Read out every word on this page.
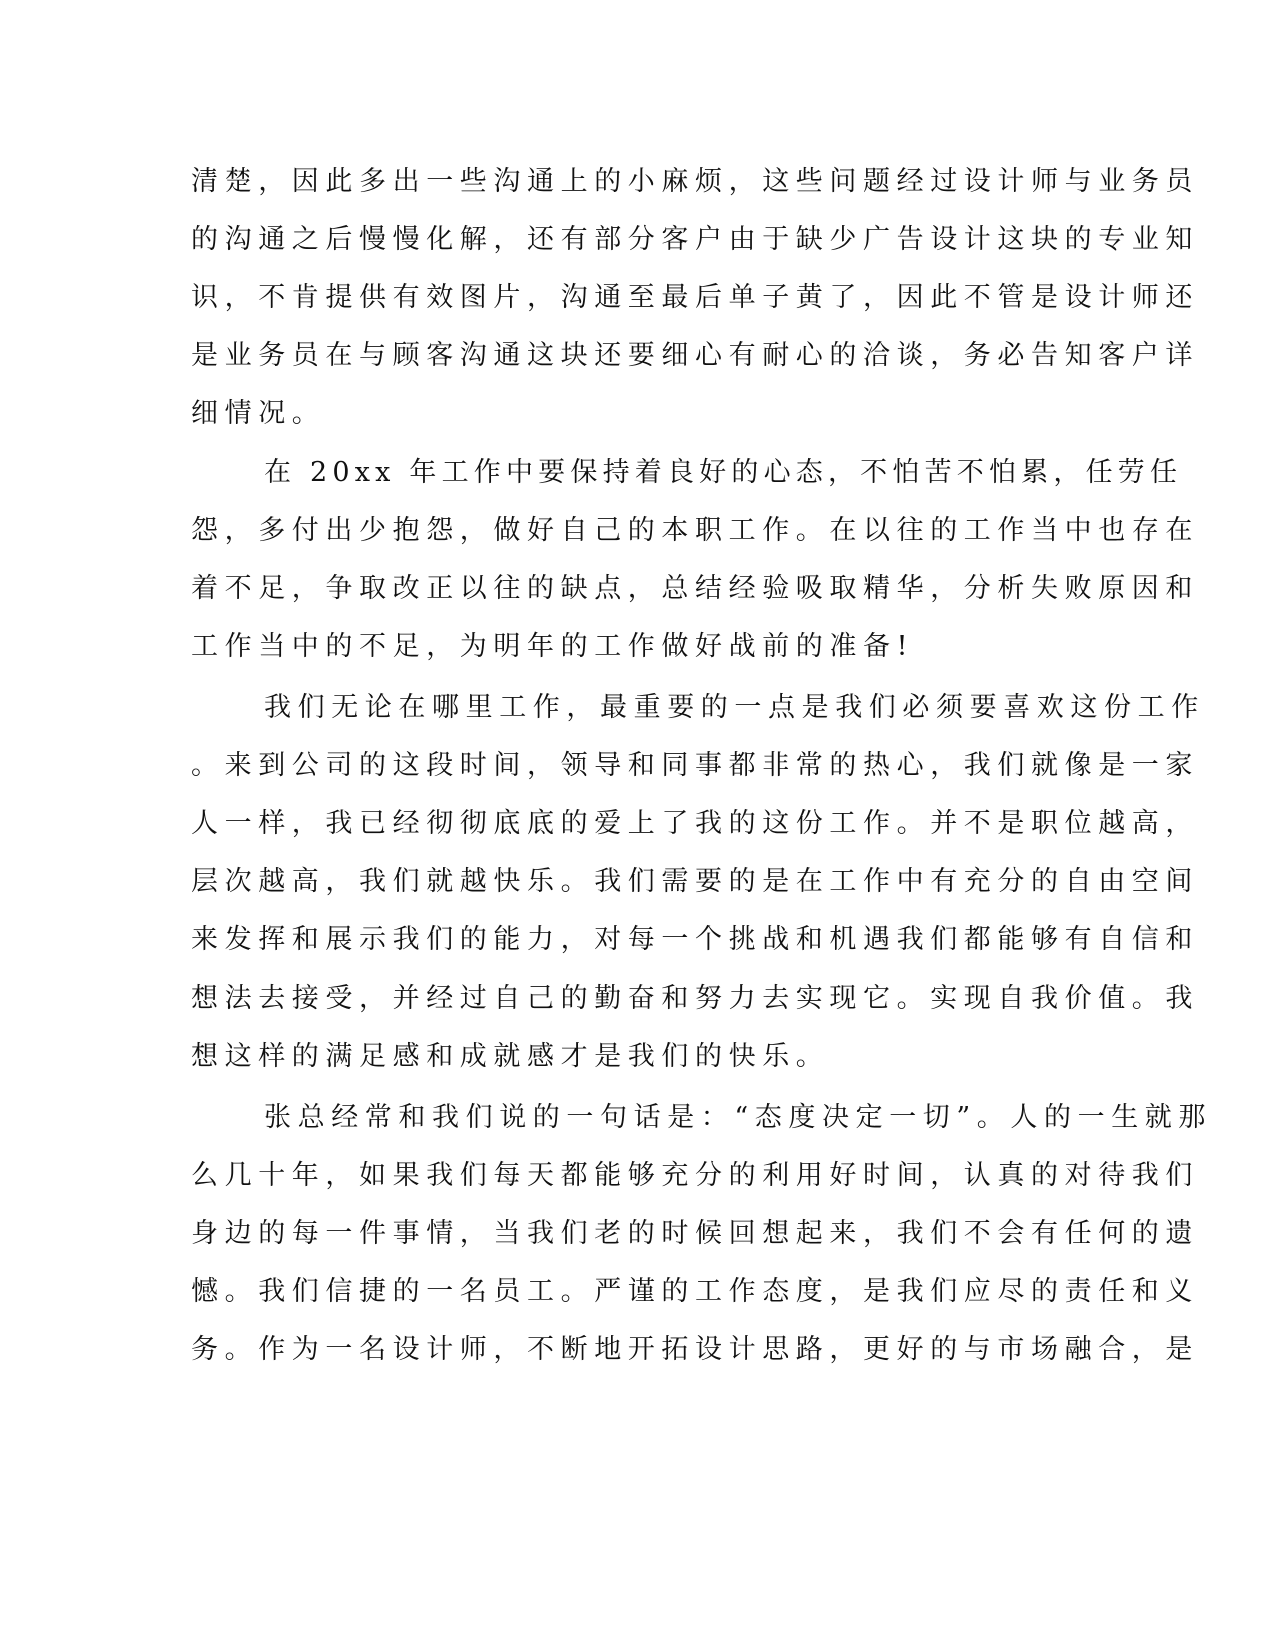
清楚，因此多出一些沟通上的小麻烦，这些问题经过设计师与业务员
的沟通之后慢慢化解，还有部分客户由于缺少广告设计这块的专业知
识，不肯提供有效图片，沟通至最后单子黄了，因此不管是设计师还
是业务员在与顾客沟通这块还要细心有耐心的洽谈，务必告知客户详
细情况。
在 20xx 年工作中要保持着良好的心态，不怕苦不怕累，任劳任
怨，多付出少抱怨，做好自己的本职工作。在以往的工作当中也存在
着不足，争取改正以往的缺点，总结经验吸取精华，分析失败原因和
工作当中的不足，为明年的工作做好战前的准备!
我们无论在哪里工作，最重要的一点是我们必须要喜欢这份工作
。来到公司的这段时间，领导和同事都非常的热心，我们就像是一家
人一样，我已经彻彻底底的爱上了我的这份工作。并不是职位越高，
层次越高，我们就越快乐。我们需要的是在工作中有充分的自由空间
来发挥和展示我们的能力，对每一个挑战和机遇我们都能够有自信和
想法去接受，并经过自己的勤奋和努力去实现它。实现自我价值。我
想这样的满足感和成就感才是我们的快乐。
张总经常和我们说的一句话是：“态度决定一切”。人的一生就那
么几十年，如果我们每天都能够充分的利用好时间，认真的对待我们
身边的每一件事情，当我们老的时候回想起来，我们不会有任何的遗
憾。我们信捷的一名员工。严谨的工作态度，是我们应尽的责任和义
务。作为一名设计师，不断地开拓设计思路，更好的与市场融合，是
